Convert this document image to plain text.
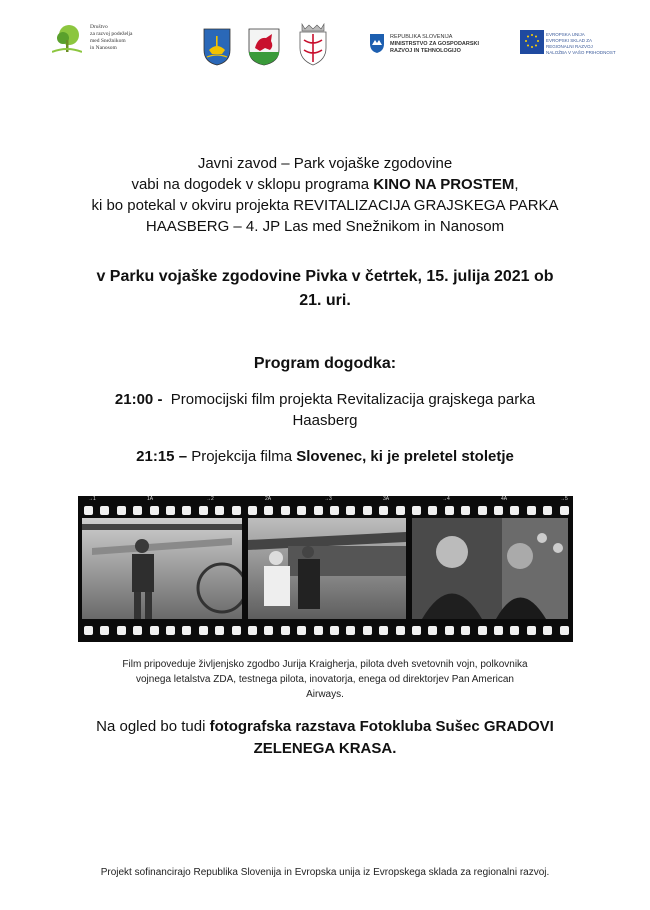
Društvo
za razvoj podeželja
med Snežnikom
in Nanosom
REPUBLIKA SLOVENIJA
MINISTRSTVO ZA GOSPODARSKI
RAZVOJ IN TEHNOLOGIJO
EVROPSKA UNIJA
EVROPSKI SKLAD ZA
REGIONALNI RAZVOJ
NALOŽBA V VAŠO PRIHODNOST
Javni zavod – Park vojaške zgodovine
vabi na dogodek v sklopu programa KINO NA PROSTEM,
ki bo potekal v okviru projekta REVITALIZACIJA GRAJSKEGA PARKA
HAASBERG – 4. JP Las med Snežnikom in Nanosom
v Parku vojaške zgodovine Pivka v četrtek, 15. julija 2021 ob
21. uri.
Program dogodka:
21:00 -  Promocijski film projekta Revitalizacija grajskega parka
Haasberg
21:15 – Projekcija filma Slovenec, ki je preletel stoletje
→1	1A	→2	2A	→3	3A	→4	4A	→5
Film pripoveduje življenjsko zgodbo Jurija Kraigherja, pilota dveh svetovnih vojn, polkovnika
vojnega letalstva ZDA, testnega pilota, inovatorja, enega od direktorjev Pan American
Airways.
Na ogled bo tudi fotografska razstava Fotokluba Sušec GRADOVI
ZELENEGA KRASA.
Projekt sofinancirajo Republika Slovenija in Evropska unija iz Evropskega sklada za regionalni razvoj.
